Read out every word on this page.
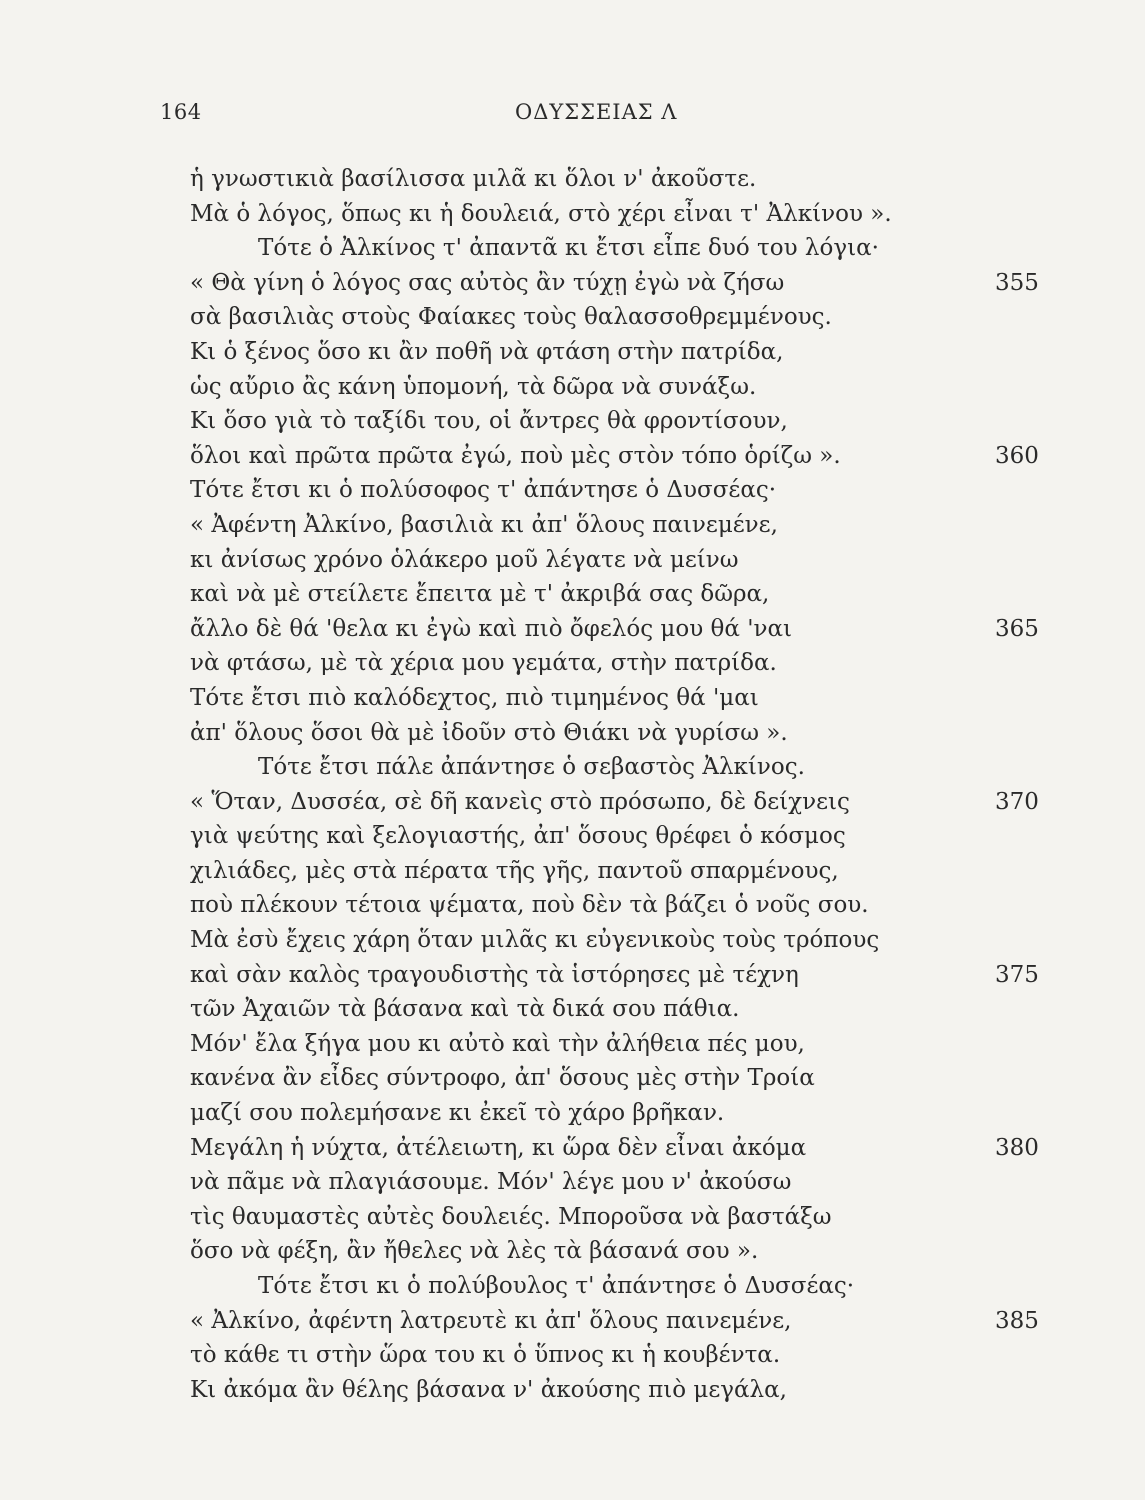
164	ΟΔΥΣΣΕΙΑΣ Λ
ἡ γνωστικιὰ βασίλισσα μιλᾶ κι ὅλοι ν' ἀκοῦστε.
Μὰ ὁ λόγος, ὅπως κι ἡ δουλειά, στὸ χέρι εἶναι τ' Ἀλκίνου ».
Τότε ὁ Ἀλκίνος τ' ἀπαντᾶ κι ἔτσι εἶπε δυό του λόγια·
« Θὰ γίνη ὁ λόγος σας αὐτὸς ἂν τύχῃ ἐγὼ νὰ ζήσω	355
σὰ βασιλιὰς στοὺς Φαίακες τοὺς θαλασσοθρεμμένους.
Κι ὁ ξένος ὅσο κι ἂν ποθῆ νὰ φτάση στὴν πατρίδα,
ὡς αὔριο ἂς κάνη ὑπομονή, τὰ δῶρα νὰ συνάξω.
Κι ὅσο γιὰ τὸ ταξίδι του, οἱ ἄντρες θὰ φροντίσουν,
ὅλοι καὶ πρῶτα πρῶτα ἐγώ, ποὺ μὲς στὸν τόπο ὁρίζω ».	360
Τότε ἔτσι κι ὁ πολύσοφος τ' ἀπάντησε ὁ Δυσσέας·
« Ἀφέντη Ἀλκίνο, βασιλιὰ κι ἀπ' ὅλους παινεμένε,
κι ἀνίσως χρόνο ὁλάκερο μοῦ λέγατε νὰ μείνω
καὶ νὰ μὲ στείλετε ἔπειτα μὲ τ' ἀκριβά σας δῶρα,
ἄλλο δὲ θά 'θελα κι ἐγὼ καὶ πιὸ ὄφελός μου θά 'ναι	365
νὰ φτάσω, μὲ τὰ χέρια μου γεμάτα, στὴν πατρίδα.
Τότε ἔτσι πιὸ καλόδεχτος, πιὸ τιμημένος θά 'μαι
ἀπ' ὅλους ὅσοι θὰ μὲ ἰδοῦν στὸ Θιάκι νὰ γυρίσω ».
Τότε ἔτσι πάλε ἀπάντησε ὁ σεβαστὸς Ἀλκίνος.
« Ὅταν, Δυσσέα, σὲ δῆ κανεὶς στὸ πρόσωπο, δὲ δείχνεις	370
γιὰ ψεύτης καὶ ξελογιαστής, ἀπ' ὅσους θρέφει ὁ κόσμος
χιλιάδες, μὲς στὰ πέρατα τῆς γῆς, παντοῦ σπαρμένους,
ποὺ πλέκουν τέτοια ψέματα, ποὺ δὲν τὰ βάζει ὁ νοῦς σου.
Μὰ ἐσὺ ἔχεις χάρη ὅταν μιλᾶς κι εὐγενικοὺς τοὺς τρόπους
καὶ σὰν καλὸς τραγουδιστὴς τὰ ἱστόρησες μὲ τέχνη	375
τῶν Ἀχαιῶν τὰ βάσανα καὶ τὰ δικά σου πάθια.
Μόν' ἔλα ξήγα μου κι αὐτὸ καὶ τὴν ἀλήθεια πές μου,
κανένα ἂν εἶδες σύντροφο, ἀπ' ὅσους μὲς στὴν Τροία
μαζί σου πολεμήσανε κι ἐκεῖ τὸ χάρο βρῆκαν.
Μεγάλη ἡ νύχτα, ἀτέλειωτη, κι ὥρα δὲν εἶναι ἀκόμα	380
νὰ πᾶμε νὰ πλαγιάσουμε. Μόν' λέγε μου ν' ἀκούσω
τὶς θαυμαστὲς αὐτὲς δουλειές. Μποροῦσα νὰ βαστάξω
ὅσο νὰ φέξη, ἂν ἤθελες νὰ λὲς τὰ βάσανά σου ».
Τότε ἔτσι κι ὁ πολύβουλος τ' ἀπάντησε ὁ Δυσσέας·
« Ἀλκίνο, ἀφέντη λατρευτὲ κι ἀπ' ὅλους παινεμένε,	385
τὸ κάθε τι στὴν ὥρα του κι ὁ ὕπνος κι ἡ κουβέντα.
Κι ἀκόμα ἂν θέλης βάσανα ν' ἀκούσης πιὸ μεγάλα,
